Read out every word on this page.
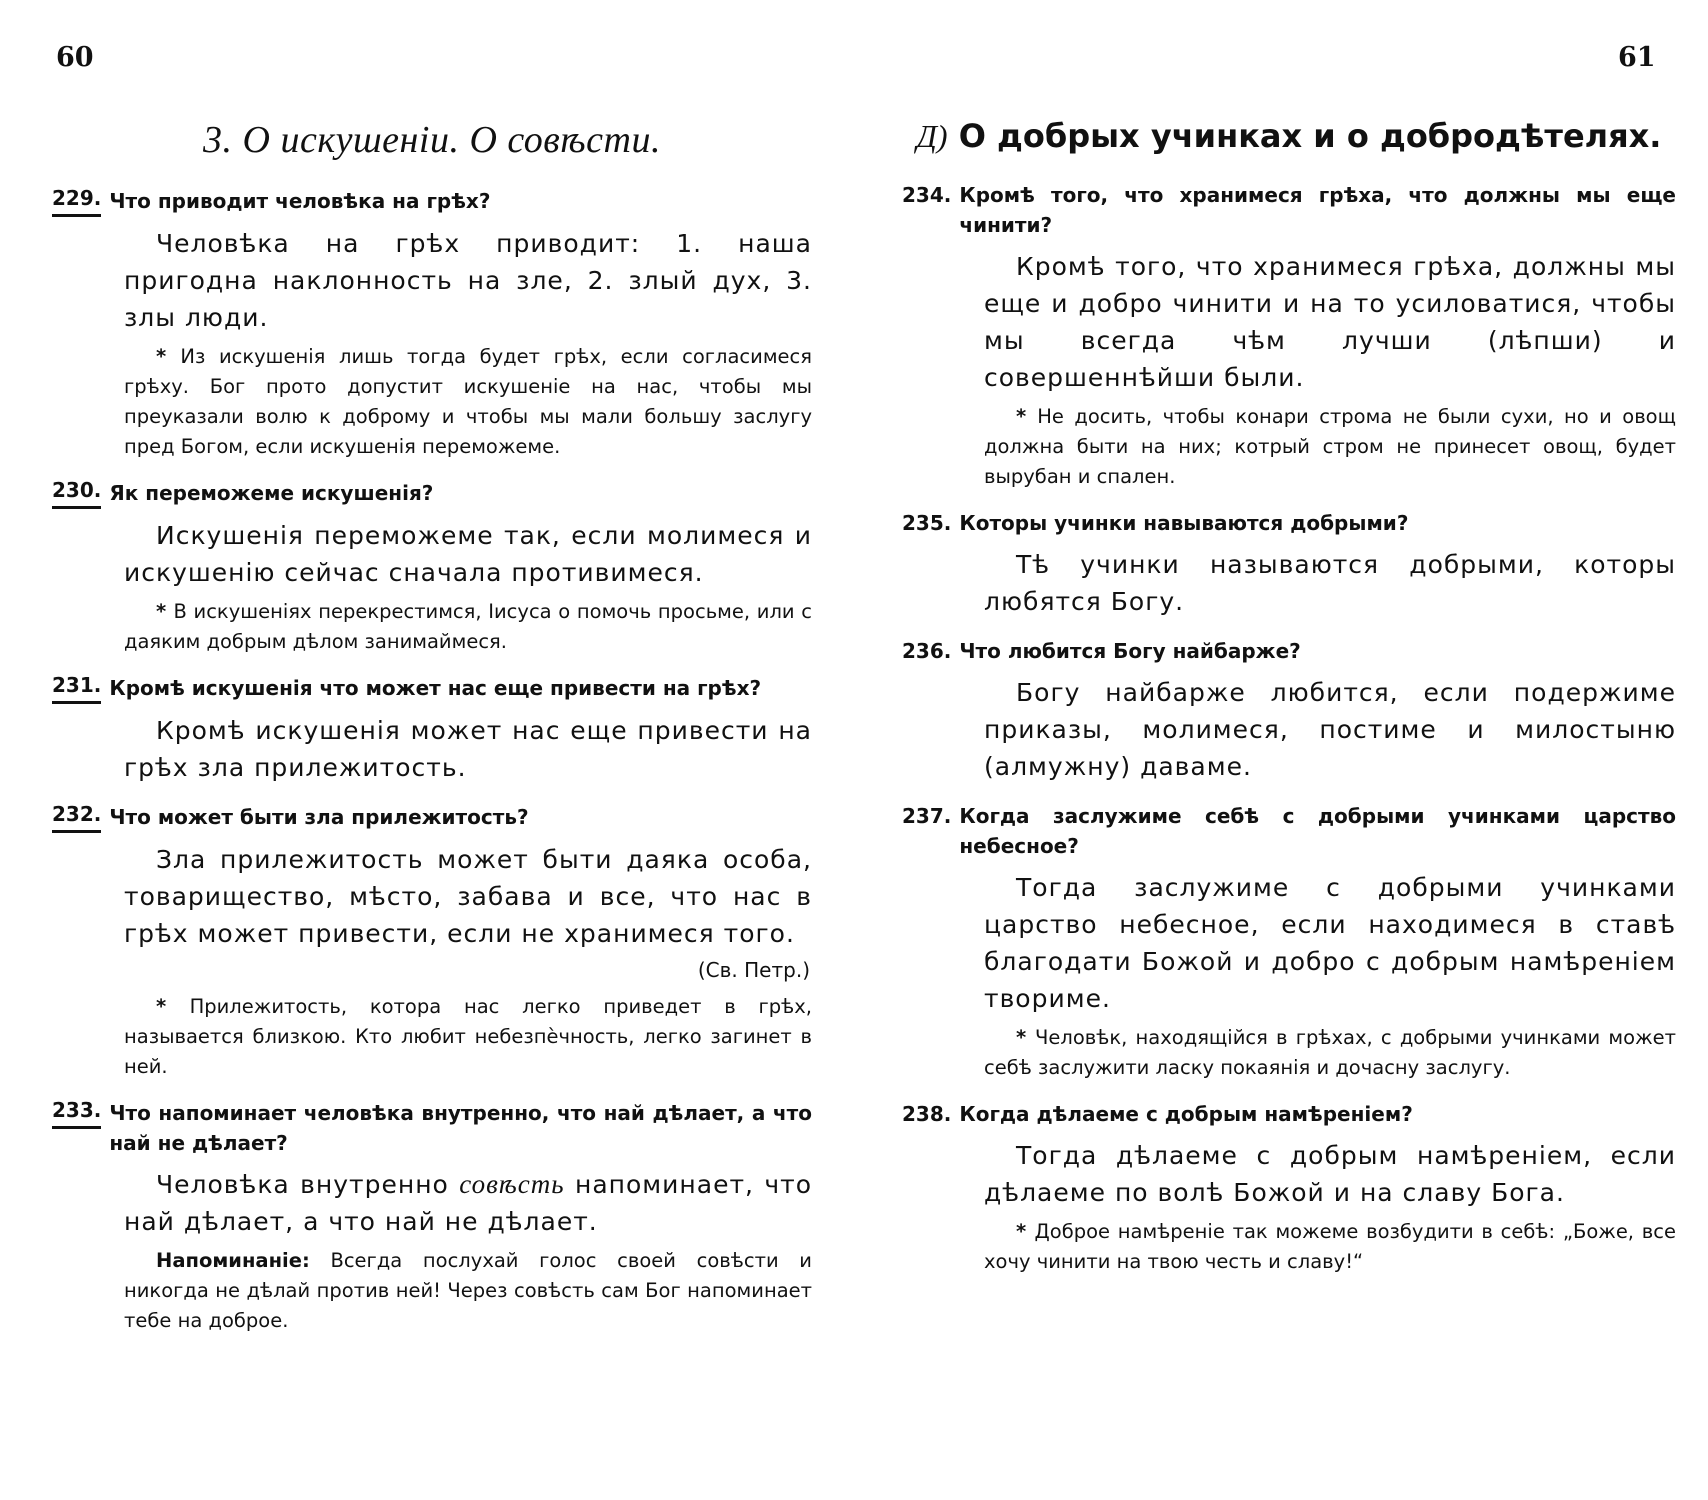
60	61
3. О искушеніи. О совѣсти.
229. Что приводит человѣка на грѣх?
Человѣка на грѣх приводит: 1. наша пригодна наклонность на зле, 2. злый дух, 3. злы люди.
* Из искушенія лишь тогда будет грѣх, если согласимеся грѣху. Бог прото допустит искушеніе на нас, чтобы мы преуказали волю к доброму и чтобы мы мали большу заслугу пред Богом, если искушенія переможеме.
230. Як переможеме искушенія?
Искушенія переможеме так, если молимеся и искушенію сейчас сначала противимеся.
* В искушеніях перекрестимся, Іисуса о помочь просьме, или с даяким добрым дѣлом занимаймеся.
231. Кромѣ искушенія что может нас еще привести на грѣх?
Кромѣ искушенія может нас еще привести на грѣх зла прилежитость.
232. Что может быти зла прилежитость?
Зла прилежитость может быти даяка особа, товарищество, мѣсто, забава и все, что нас в грѣх может привести, если не хранимеся того.
(Св. Петр.)
* Прилежитость, котора нас легко приведет в грѣх, называется близкою. Кто любит небезпѐчность, легко загинет в ней.
233. Что напоминает человѣка внутренно, что най дѣлает, а что най не дѣлает?
Человѣка внутренно совѣсть напоминает, что най дѣлает, а что най не дѣлает.
Напоминаніе: Всегда послухай голос своей совѣсти и никогда не дѣлай против ней! Через совѣсть сам Бог напоминает тебе на доброе.
Д) О добрых учинках и о добродѣтелях.
234. Кромѣ того, что хранимеся грѣха, что должны мы еще чинити?
Кромѣ того, что хранимеся грѣха, должны мы еще и добро чинити и на то усиловатися, чтобы мы всегда чѣм лучши (лѣпши) и совершеннѣйши были.
* Не досить, чтобы конари строма не были сухи, но и овощ должна быти на них; котрый стром не принесет овощ, будет вырубан и спален.
235. Которы учинки навываются добрыми?
Тѣ учинки называются добрыми, которы любятся Богу.
236. Что любится Богу найбарже?
Богу найбарже любится, если подержиме приказы, молимеся, постиме и милостыню (алмужну) даваме.
237. Когда заслужиме себѣ с добрыми учинками царство небесное?
Тогда заслужиме с добрыми учинками царство небесное, если находимеся в ставѣ благодати Божой и добро с добрым намѣреніем твориме.
* Человѣк, находящійся в грѣхах, с добрыми учинками может себѣ заслужити ласку покаянія и дочасну заслугу.
238. Когда дѣлаеме с добрым намѣреніем?
Тогда дѣлаеме с добрым намѣреніем, если дѣлаеме по волѣ Божой и на славу Бога.
* Доброе намѣреніе так можеме возбудити в себѣ: „Боже, все хочу чинити на твою честь и славу!“
